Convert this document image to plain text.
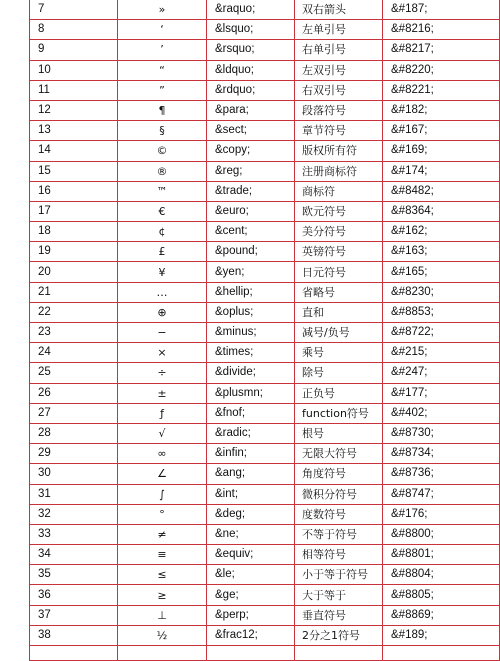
7	»	&raquo;	双右箭头	&#187;
8	‘	&lsquo;	左单引号	&#8216;
9	’	&rsquo;	右单引号	&#8217;
10	“	&ldquo;	左双引号	&#8220;
11	”	&rdquo;	右双引号	&#8221;
12	¶	&para;	段落符号	&#182;
13	§	&sect;	章节符号	&#167;
14	©	&copy;	版权所有符	&#169;
15	®	&reg;	注册商标符	&#174;
16	™	&trade;	商标符	&#8482;
17	€	&euro;	欧元符号	&#8364;
18	¢	&cent;	美分符号	&#162;
19	£	&pound;	英镑符号	&#163;
20	¥	&yen;	日元符号	&#165;
21	…	&hellip;	省略号	&#8230;
22	⊕	&oplus;	直和	&#8853;
23	−	&minus;	减号/负号	&#8722;
24	×	&times;	乘号	&#215;
25	÷	&divide;	除号	&#247;
26	±	&plusmn;	正负号	&#177;
27	ƒ	&fnof;	function符号	&#402;
28	√	&radic;	根号	&#8730;
29	∞	&infin;	无限大符号	&#8734;
30	∠	&ang;	角度符号	&#8736;
31	∫	&int;	微积分符号	&#8747;
32	°	&deg;	度数符号	&#176;
33	≠	&ne;	不等于符号	&#8800;
34	≡	&equiv;	相等符号	&#8801;
35	≤	&le;	小于等于符号	&#8804;
36	≥	&ge;	大于等于	&#8805;
37	⊥	&perp;	垂直符号	&#8869;
38	½	&frac12;	2分之1符号	&#189;
